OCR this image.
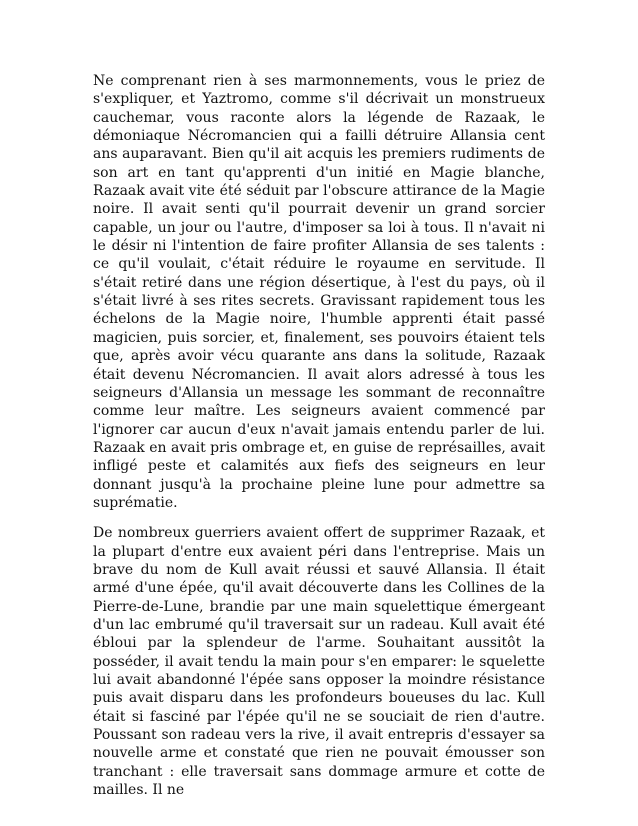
Ne comprenant rien à ses marmonnements, vous le priez de s'expliquer, et Yaztromo, comme s'il décrivait un monstrueux cauchemar, vous raconte alors la légende de Razaak, le démoniaque Nécromancien qui a failli détruire Allansia cent ans auparavant. Bien qu'il ait acquis les premiers rudiments de son art en tant qu'apprenti d'un initié en Magie blanche, Razaak avait vite été séduit par l'obscure attirance de la Magie noire. Il avait senti qu'il pourrait devenir un grand sorcier capable, un jour ou l'autre, d'imposer sa loi à tous. Il n'avait ni le désir ni l'intention de faire profiter Allansia de ses talents : ce qu'il voulait, c'était réduire le royaume en servitude. Il s'était retiré dans une région désertique, à l'est du pays, où il s'était livré à ses rites secrets. Gravissant rapidement tous les échelons de la Magie noire, l'humble apprenti était passé magicien, puis sorcier, et, finalement, ses pouvoirs étaient tels que, après avoir vécu quarante ans dans la solitude, Razaak était devenu Nécromancien. Il avait alors adressé à tous les seigneurs d'Allansia un message les sommant de reconnaître comme leur maître. Les seigneurs avaient commencé par l'ignorer car aucun d'eux n'avait jamais entendu parler de lui. Razaak en avait pris ombrage et, en guise de représailles, avait infligé peste et calamités aux fiefs des seigneurs en leur donnant jusqu'à la prochaine pleine lune pour admettre sa suprématie.

De nombreux guerriers avaient offert de supprimer Razaak, et la plupart d'entre eux avaient péri dans l'entreprise. Mais un brave du nom de Kull avait réussi et sauvé Allansia. Il était armé d'une épée, qu'il avait découverte dans les Collines de la Pierre-de-Lune, brandie par une main squelettique émergeant d'un lac embrumé qu'il traversait sur un radeau. Kull avait été ébloui par la splendeur de l'arme. Souhaitant aussitôt la posséder, il avait tendu la main pour s'en emparer: le squelette lui avait abandonné l'épée sans opposer la moindre résistance puis avait disparu dans les profondeurs boueuses du lac. Kull était si fasciné par l'épée qu'il ne se souciait de rien d'autre. Poussant son radeau vers la rive, il avait entrepris d'essayer sa nouvelle arme et constaté que rien ne pouvait émousser son tranchant : elle traversait sans dommage armure et cotte de mailles. Il ne
